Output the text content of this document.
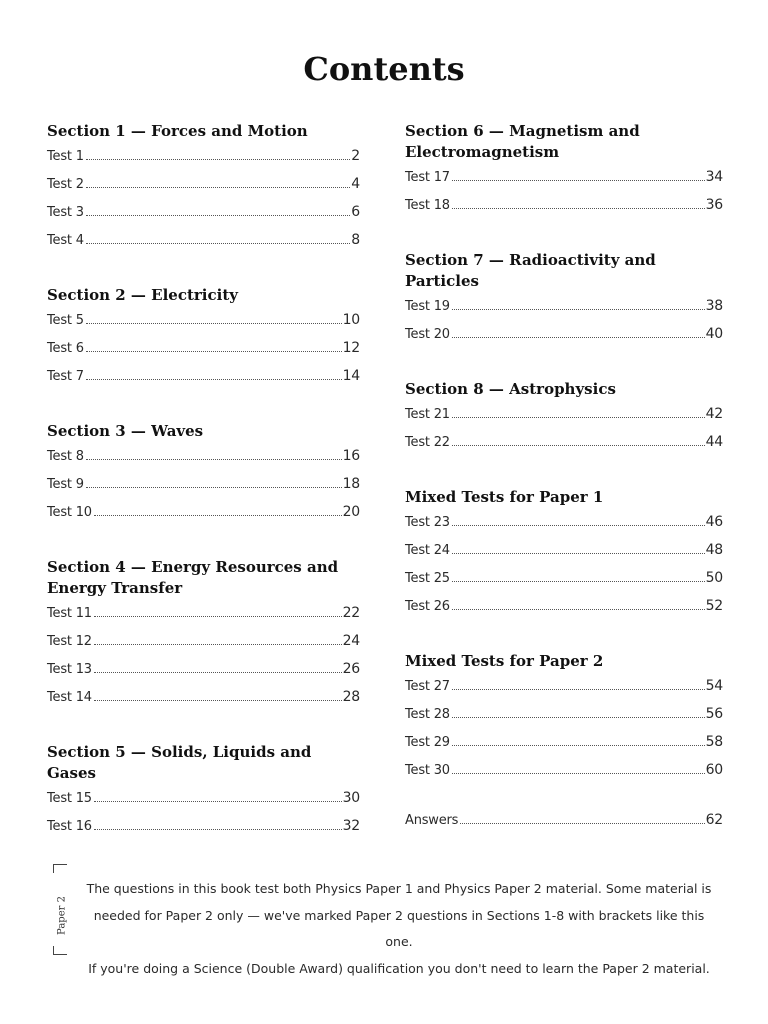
Contents
Section 1 — Forces and Motion
Test 1	2
Test 2	4
Test 3	6
Test 4	8
Section 2 — Electricity
Test 5	10
Test 6	12
Test 7	14
Section 3 — Waves
Test 8	16
Test 9	18
Test 10	20
Section 4 — Energy Resources and Energy Transfer
Test 11	22
Test 12	24
Test 13	26
Test 14	28
Section 5 — Solids, Liquids and Gases
Test 15	30
Test 16	32
Section 6 — Magnetism and Electromagnetism
Test 17	34
Test 18	36
Section 7 — Radioactivity and Particles
Test 19	38
Test 20	40
Section 8 — Astrophysics
Test 21	42
Test 22	44
Mixed Tests for Paper 1
Test 23	46
Test 24	48
Test 25	50
Test 26	52
Mixed Tests for Paper 2
Test 27	54
Test 28	56
Test 29	58
Test 30	60
Answers	62
Paper 2
The questions in this book test both Physics Paper 1 and Physics Paper 2 material. Some material is
needed for Paper 2 only — we've marked Paper 2 questions in Sections 1-8 with brackets like this one.
If you're doing a Science (Double Award) qualification you don't need to learn the Paper 2 material.
